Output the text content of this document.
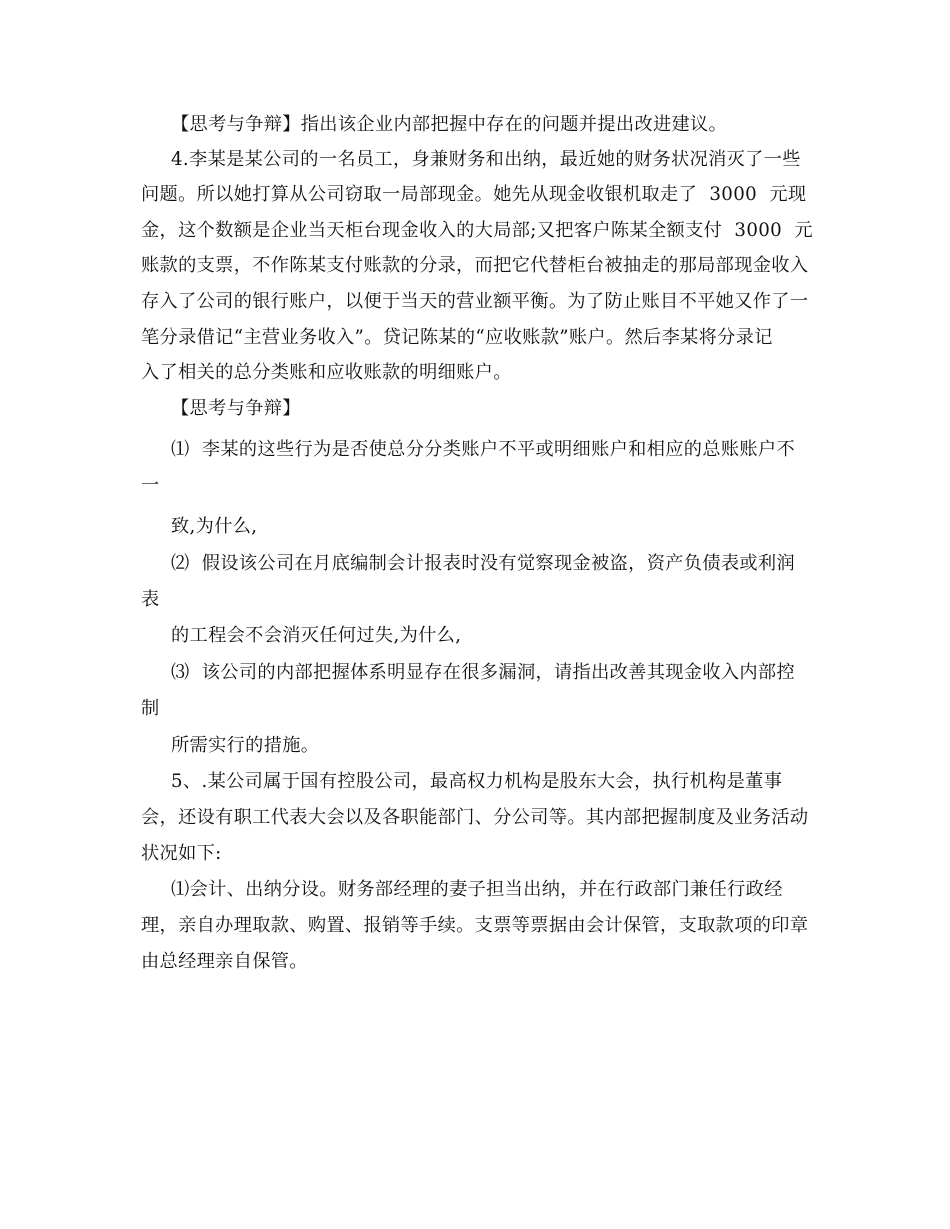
【思考与争辩】指出该企业内部把握中存在的问题并提出改进建议。
4.李某是某公司的一名员工，身兼财务和出纳，最近她的财务状况消灭了一些
问题。所以她打算从公司窃取一局部现金。她先从现金收银机取走了  3000  元现
金，这个数额是企业当天柜台现金收入的大局部;又把客户陈某全额支付  3000  元
账款的支票，不作陈某支付账款的分录，而把它代替柜台被抽走的那局部现金收入
存入了公司的银行账户，以便于当天的营业额平衡。为了防止账目不平她又作了一
笔分录借记“主营业务收入”。贷记陈某的“应收账款”账户。然后李某将分录记
入了相关的总分类账和应收账款的明细账户。
【思考与争辩】
⑴  李某的这些行为是否使总分分类账户不平或明细账户和相应的总账账户不
一
致,为什么,
⑵  假设该公司在月底编制会计报表时没有觉察现金被盗，资产负债表或利润
表
的工程会不会消灭任何过失,为什么,
⑶  该公司的内部把握体系明显存在很多漏洞，请指出改善其现金收入内部控
制
所需实行的措施。
5、.某公司属于国有控股公司，最高权力机构是股东大会，执行机构是董事
会，还设有职工代表大会以及各职能部门、分公司等。其内部把握制度及业务活动
状况如下:
⑴会计、出纳分设。财务部经理的妻子担当出纳，并在行政部门兼任行政经
理，亲自办理取款、购置、报销等手续。支票等票据由会计保管，支取款项的印章
由总经理亲自保管。
